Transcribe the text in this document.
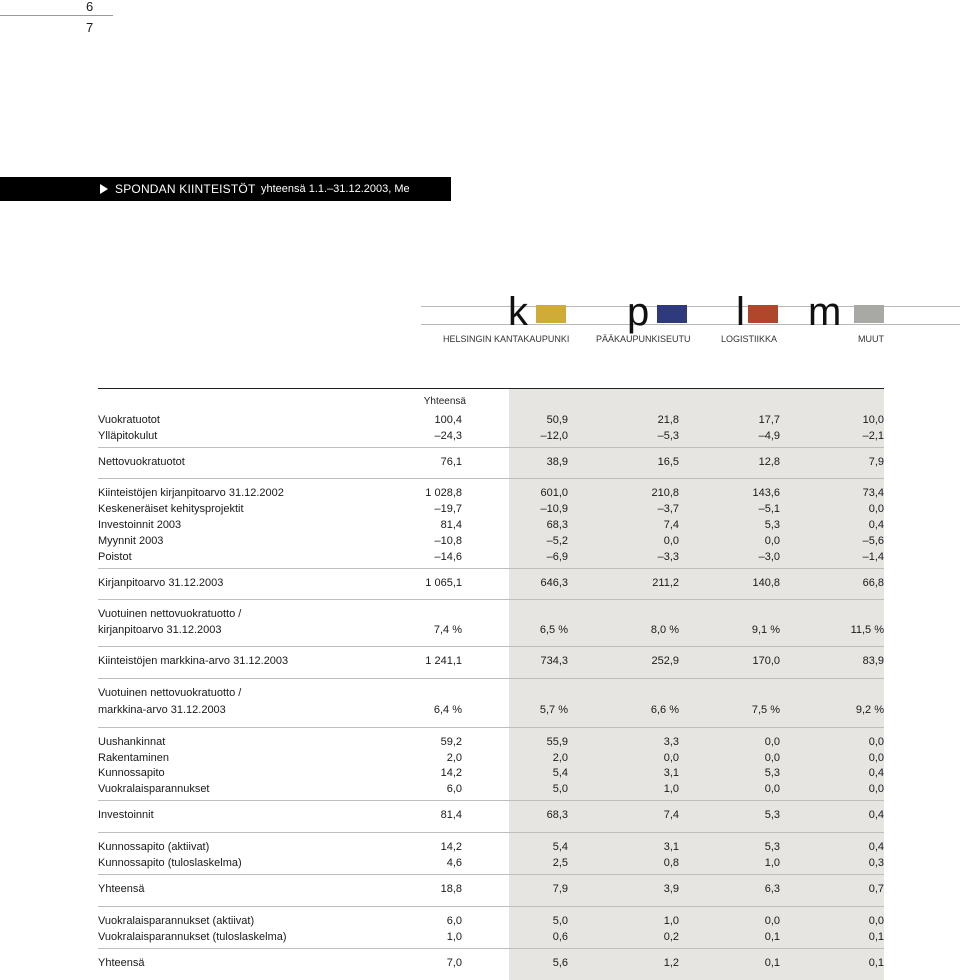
6
7
SPONDAN KIINTEISTÖT yhteensä 1.1.–31.12.2003, Me
k
HELSINGIN KANTAKAUPUNKI
p
PÄÄKAUPUNKISEUTU
l
LOGISTIIKKA
m
MUUT
Yhteensä
Vuokratuotot	100,4	50,9	21,8	17,7	10,0
Ylläpitokulut	–24,3	–12,0	–5,3	–4,9	–2,1
Nettovuokratuotot	76,1	38,9	16,5	12,8	7,9
Kiinteistöjen kirjanpitoarvo 31.12.2002	1 028,8	601,0	210,8	143,6	73,4
Keskeneräiset kehitysprojektit	–19,7	–10,9	–3,7	–5,1	0,0
Investoinnit 2003	81,4	68,3	7,4	5,3	0,4
Myynnit 2003	–10,8	–5,2	0,0	0,0	–5,6
Poistot	–14,6	–6,9	–3,3	–3,0	–1,4
Kirjanpitoarvo 31.12.2003	1 065,1	646,3	211,2	140,8	66,8
Vuotuinen nettovuokratuotto /
kirjanpitoarvo 31.12.2003	7,4 %	6,5 %	8,0 %	9,1 %	11,5 %
Kiinteistöjen markkina-arvo 31.12.2003	1 241,1	734,3	252,9	170,0	83,9
Vuotuinen nettovuokratuotto /
markkina-arvo 31.12.2003	6,4 %	5,7 %	6,6 %	7,5 %	9,2 %
Uushankinnat	59,2	55,9	3,3	0,0	0,0
Rakentaminen	2,0	2,0	0,0	0,0	0,0
Kunnossapito	14,2	5,4	3,1	5,3	0,4
Vuokralaisparannukset	6,0	5,0	1,0	0,0	0,0
Investoinnit	81,4	68,3	7,4	5,3	0,4
Kunnossapito (aktiivat)	14,2	5,4	3,1	5,3	0,4
Kunnossapito (tuloslaskelma)	4,6	2,5	0,8	1,0	0,3
Yhteensä	18,8	7,9	3,9	6,3	0,7
Vuokralaisparannukset (aktiivat)	6,0	5,0	1,0	0,0	0,0
Vuokralaisparannukset (tuloslaskelma)	1,0	0,6	0,2	0,1	0,1
Yhteensä	7,0	5,6	1,2	0,1	0,1
